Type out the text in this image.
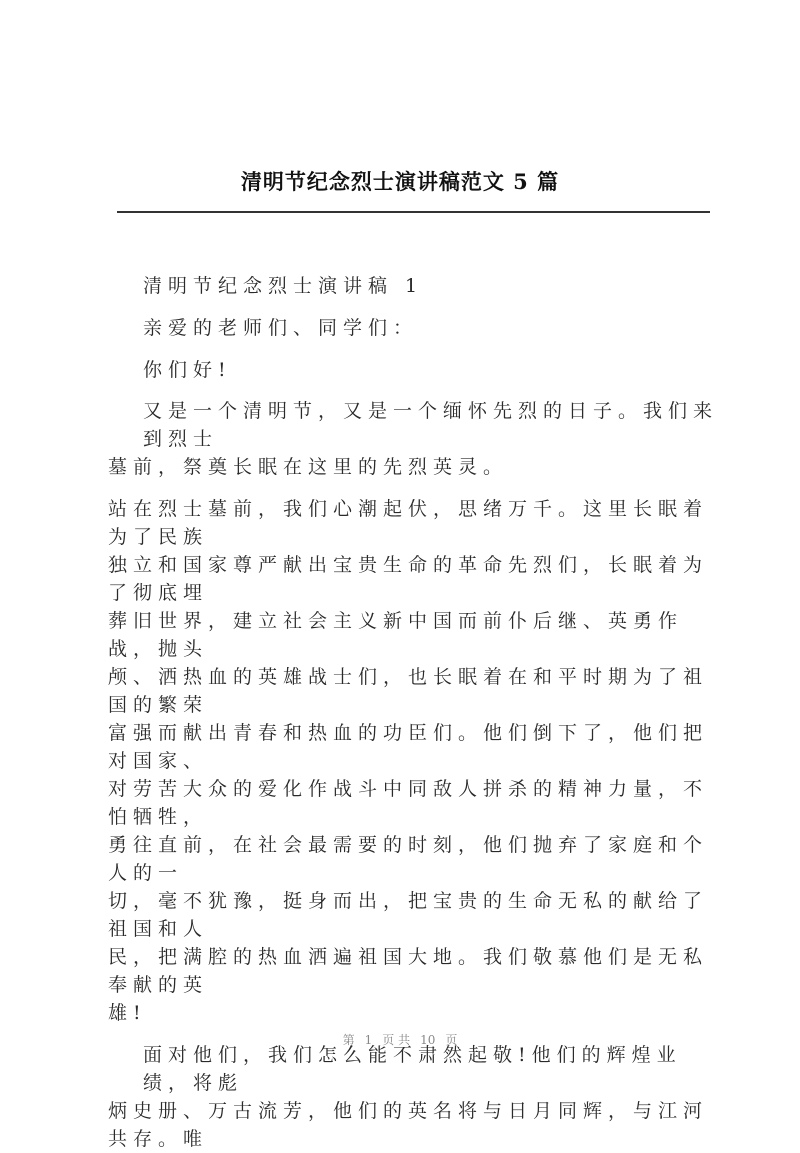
清明节纪念烈士演讲稿范文 5 篇
清明节纪念烈士演讲稿 1
亲爱的老师们、同学们：
你们好!
又是一个清明节，又是一个缅怀先烈的日子。我们来到烈士
墓前，祭奠长眠在这里的先烈英灵。
站在烈士墓前，我们心潮起伏，思绪万千。这里长眠着为了民族
独立和国家尊严献出宝贵生命的革命先烈们，长眠着为了彻底埋
葬旧世界，建立社会主义新中国而前仆后继、英勇作战，抛头
颅、洒热血的英雄战士们，也长眠着在和平时期为了祖国的繁荣
富强而献出青春和热血的功臣们。他们倒下了，他们把对国家、
对劳苦大众的爱化作战斗中同敌人拼杀的精神力量，不怕牺牲，
勇往直前，在社会最需要的时刻，他们抛弃了家庭和个人的一
切，毫不犹豫，挺身而出，把宝贵的生命无私的献给了祖国和人
民，把满腔的热血洒遍祖国大地。我们敬慕他们是无私奉献的英
雄!
面对他们，我们怎么能不肃然起敬!他们的辉煌业绩，将彪
炳史册、万古流芳，他们的英名将与日月同辉，与江河共存。唯
第 1 页 共 10 页
